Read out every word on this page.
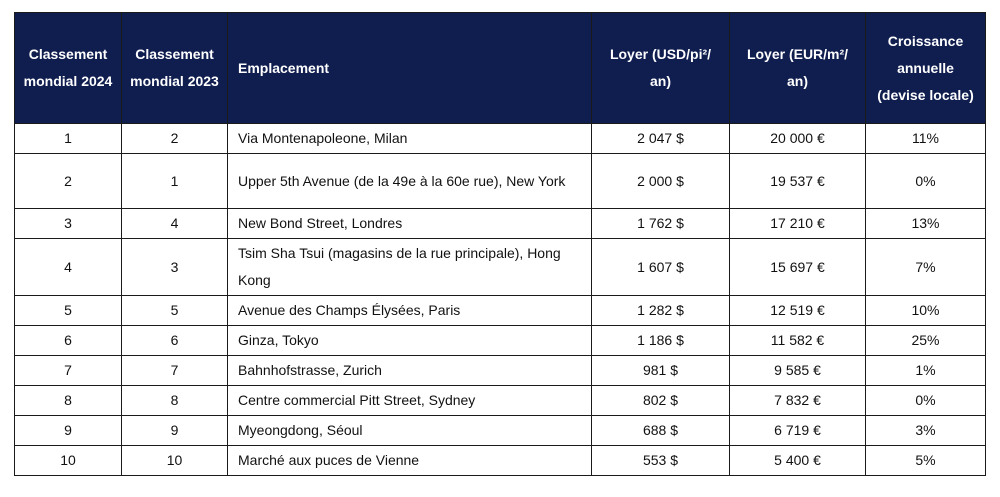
Classement mondial 2024	Classement mondial 2023	Emplacement	Loyer (USD/pi²/ an)	Loyer (EUR/m²/ an)	Croissance annuelle (devise locale)
1	2	Via Montenapoleone, Milan	2 047 $	20 000 €	11%
2	1	Upper 5th Avenue (de la 49e à la 60e rue), New York	2 000 $	19 537 €	0%
3	4	New Bond Street, Londres	1 762 $	17 210 €	13%
4	3	Tsim Sha Tsui (magasins de la rue principale), Hong Kong	1 607 $	15 697 €	7%
5	5	Avenue des Champs Élysées, Paris	1 282 $	12 519 €	10%
6	6	Ginza, Tokyo	1 186 $	11 582 €	25%
7	7	Bahnhofstrasse, Zurich	981 $	9 585 €	1%
8	8	Centre commercial Pitt Street, Sydney	802 $	7 832 €	0%
9	9	Myeongdong, Séoul	688 $	6 719 €	3%
10	10	Marché aux puces de Vienne	553 $	5 400 €	5%
